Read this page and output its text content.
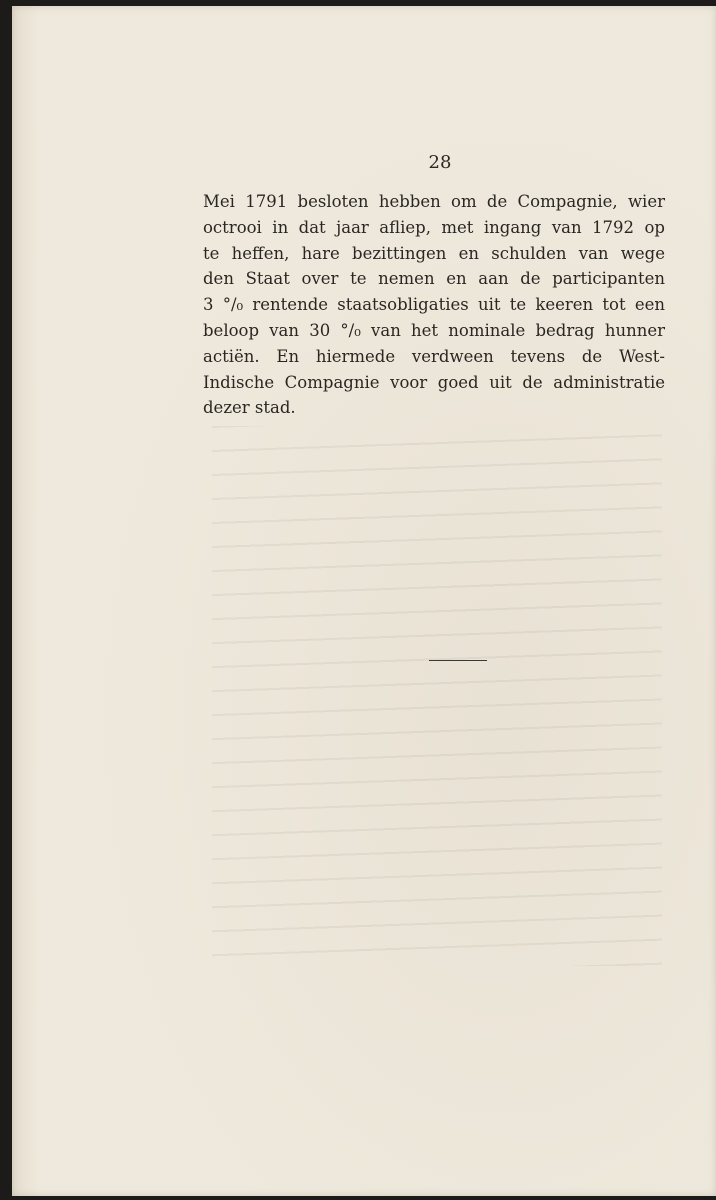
28

Mei 1791 besloten hebben om de Compagnie, wier
octrooi in dat jaar afliep, met ingang van 1792 op
te heffen, hare bezittingen en schulden van wege
den Staat over te nemen en aan de participanten
3 °/₀ rentende staatsobligaties uit te keeren tot een
beloop van 30 °/₀ van het nominale bedrag hunner
actiën. En hiermede verdween tevens de West-
Indische Compagnie voor goed uit de administratie
dezer stad.
